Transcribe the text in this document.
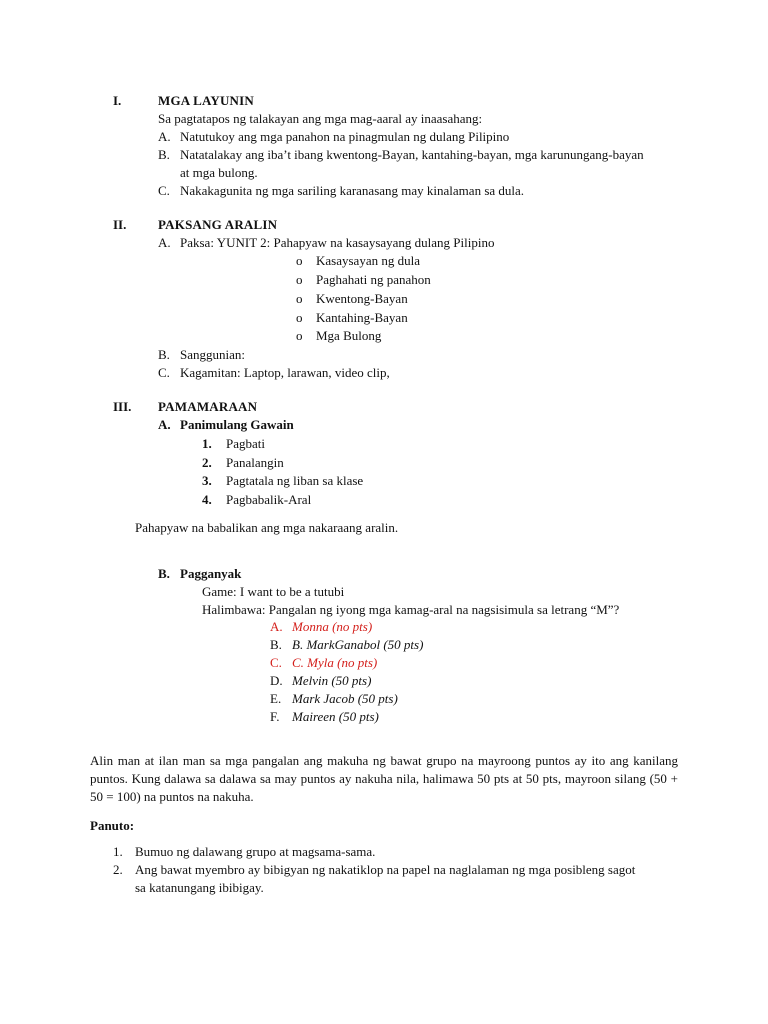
I.	MGA LAYUNIN
Sa pagtatapos ng talakayan ang mga mag-aaral ay inaasahang:
A. Natutukoy ang mga panahon na pinagmulan ng dulang Pilipino
B. Natatalakay ang iba’t ibang kwentong-Bayan, kantahing-bayan, mga karunungang-bayan
at mga bulong.
C. Nakakagunita ng mga sariling karanasang may kinalaman sa dula.
II. PAKSANG ARALIN
A. Paksa: YUNIT 2: Pahapyaw na kasaysayang dulang Pilipino
o Kasaysayan ng dula
o Paghahati ng panahon
o Kwentong-Bayan
o Kantahing-Bayan
o Mga Bulong
B. Sanggunian:
C. Kagamitan: Laptop, larawan, video clip,
III. PAMAMARAAN
A. Panimulang Gawain
1. Pagbati
2. Panalangin
3. Pagtatala ng liban sa klase
4. Pagbabalik-Aral
Pahapyaw na babalikan ang mga nakaraang aralin.
B. Pagganyak
Game: I want to be a tutubi
Halimbawa: Pangalan ng iyong mga kamag-aral na nagsisimula sa letrang “M”?
A. Monna (no pts)
B. B. MarkGanabol (50 pts)
C. C. Myla (no pts)
D. Melvin (50 pts)
E. Mark Jacob (50 pts)
F. Maireen (50 pts)
Alin man at ilan man sa mga pangalan ang makuha ng bawat grupo na mayroong puntos ay ito ang kanilang puntos. Kung dalawa sa dalawa sa may puntos ay nakuha nila, halimawa 50 pts at 50 pts, mayroon silang (50 + 50 = 100) na puntos na nakuha.
Panuto:
1. Bumuo ng dalawang grupo at magsama-sama.
2. Ang bawat myembro ay bibigyan ng nakatiklop na papel na naglalaman ng mga posibleng sagot
sa katanungang ibibigay.
